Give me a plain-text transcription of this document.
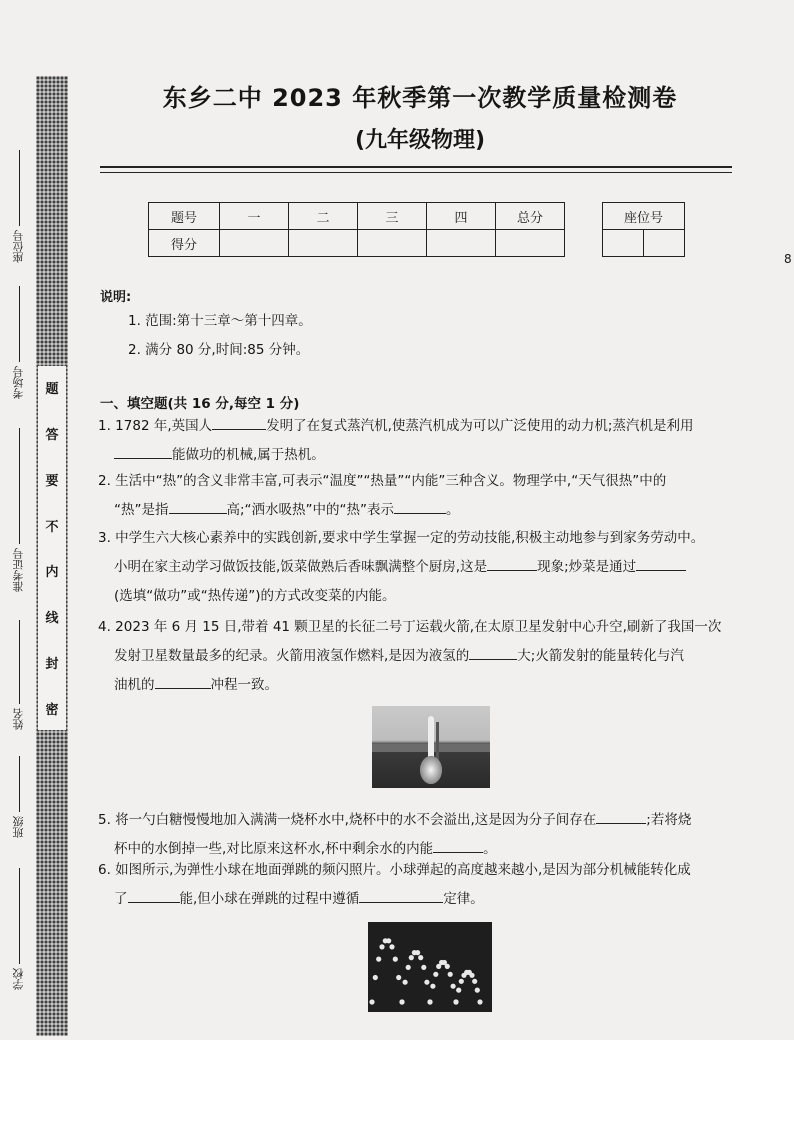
题
答
要
不
内
线
封
密
座位号
考场号
准考证号
姓名
班级
学校
东乡二中 2023 年秋季第一次教学质量检测卷
(九年级物理)
题号	一	二	三	四	总分
得分					
座位号

说明:
1. 范围:第十三章～第十四章。
2. 满分 80 分,时间:85 分钟。
一、填空题(共 16 分,每空 1 分)
1. 1782 年,英国人	发明了在复式蒸汽机,使蒸汽机成为可以广泛使用的动力机;蒸汽机是利用
能做功的机械,属于热机。
2. 生活中“热”的含义非常丰富,可表示“温度”“热量”“内能”三种含义。物理学中,“天气很热”中的
“热”是指	高;“洒水吸热”中的“热”表示	。
3. 中学生六大核心素养中的实践创新,要求中学生掌握一定的劳动技能,积极主动地参与到家务劳动中。
小明在家主动学习做饭技能,饭菜做熟后香味飘满整个厨房,这是	现象;炒菜是通过
(选填“做功”或“热传递”)的方式改变菜的内能。
4. 2023 年 6 月 15 日,带着 41 颗卫星的长征二号丁运载火箭,在太原卫星发射中心升空,刷新了我国一次
发射卫星数量最多的纪录。火箭用液氢作燃料,是因为液氢的	大;火箭发射的能量转化与汽
油机的	冲程一致。
5. 将一勺白糖慢慢地加入满满一烧杯水中,烧杯中的水不会溢出,这是因为分子间存在	;若将烧
杯中的水倒掉一些,对比原来这杯水,杯中剩余水的内能	。
6. 如图所示,为弹性小球在地面弹跳的频闪照片。小球弹起的高度越来越小,是因为部分机械能转化成
了	能,但小球在弹跳的过程中遵循	定律。
8
